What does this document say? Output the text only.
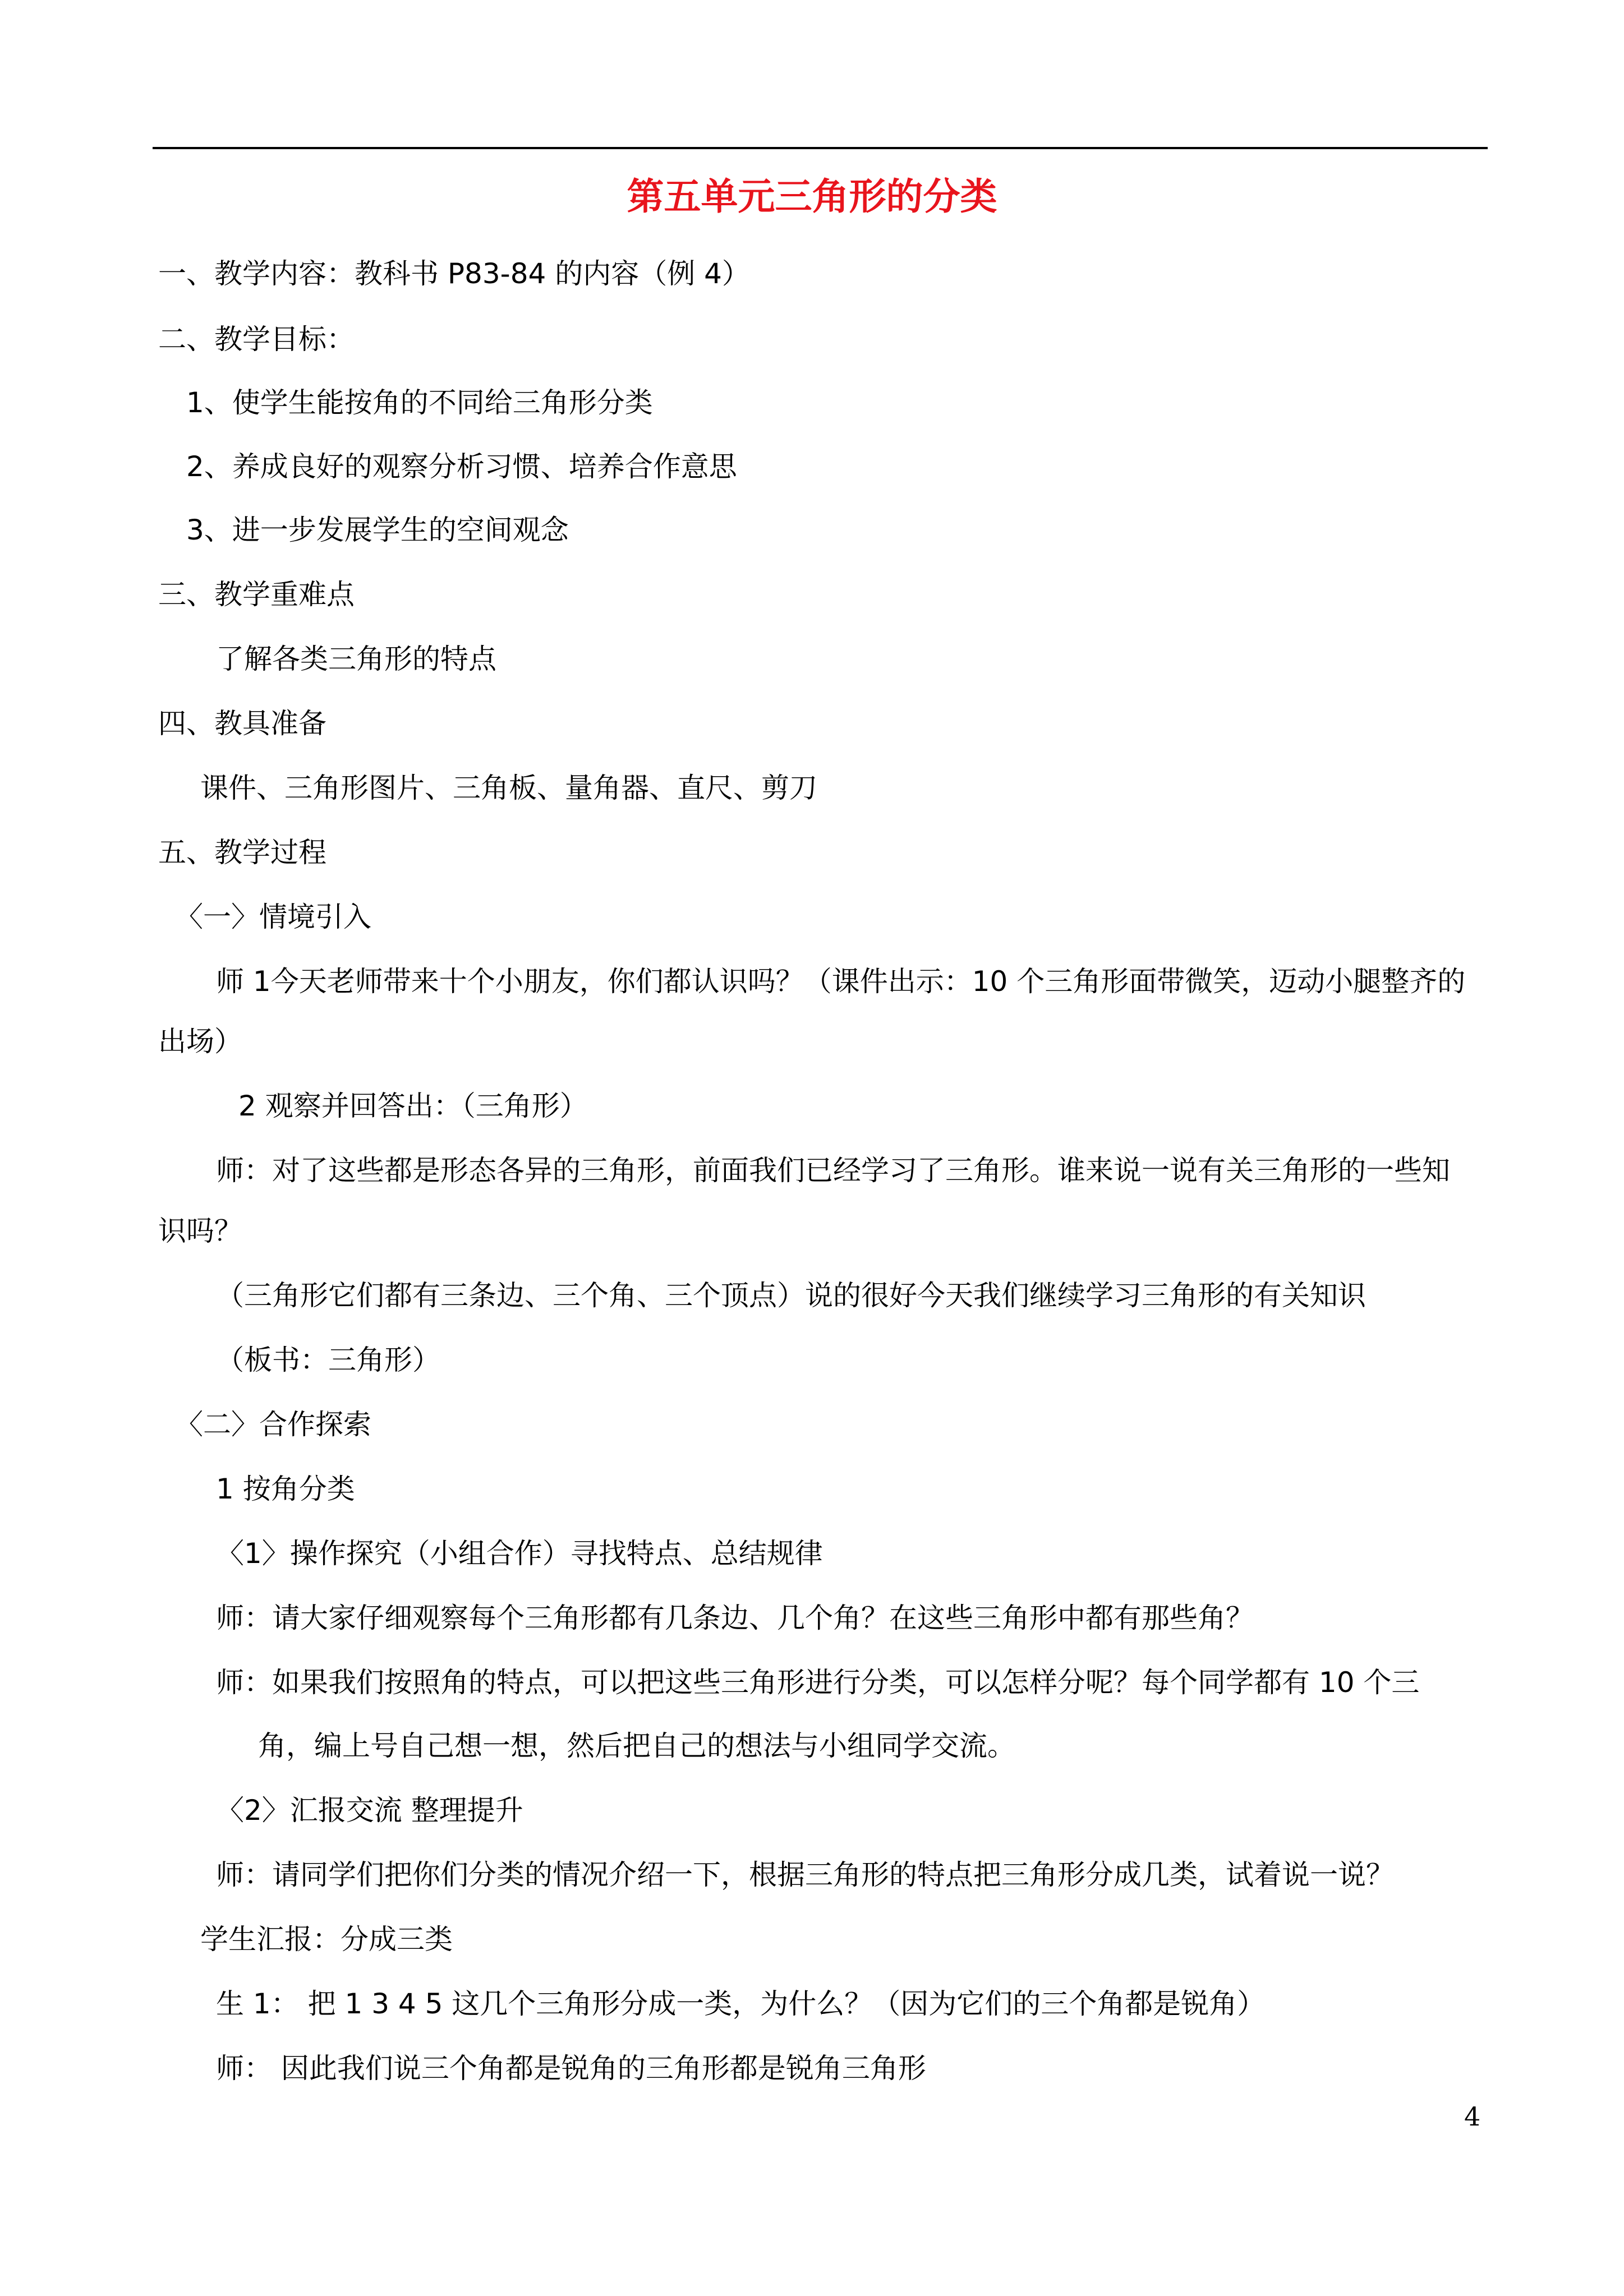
第五单元三角形的分类
一、教学内容：教科书 P83-84 的内容（例 4）
二、教学目标：
1、使学生能按角的不同给三角形分类
2、养成良好的观察分析习惯、培养合作意思
3、进一步发展学生的空间观念
三、教学重难点
了解各类三角形的特点
四、教具准备
课件、三角形图片、三角板、量角器、直尺、剪刀
五、教学过程
〈一〉情境引入
师 1今天老师带来十个小朋友，你们都认识吗？（课件出示：10 个三角形面带微笑，迈动小腿整齐的
出场）
2 观察并回答出：（三角形）
师：对了这些都是形态各异的三角形，前面我们已经学习了三角形。谁来说一说有关三角形的一些知
识吗？
（三角形它们都有三条边、三个角、三个顶点）说的很好今天我们继续学习三角形的有关知识
（板书：三角形）
〈二〉合作探索
1 按角分类
〈1〉操作探究（小组合作）寻找特点、总结规律
师：请大家仔细观察每个三角形都有几条边、几个角？在这些三角形中都有那些角？
师：如果我们按照角的特点，可以把这些三角形进行分类，可以怎样分呢？每个同学都有 10 个三
角，编上号自己想一想，然后把自己的想法与小组同学交流。
〈2〉汇报交流 整理提升
师：请同学们把你们分类的情况介绍一下，根据三角形的特点把三角形分成几类，试着说一说？
学生汇报：分成三类
生 1： 把 1 3 4 5 这几个三角形分成一类，为什么？（因为它们的三个角都是锐角）
师： 因此我们说三个角都是锐角的三角形都是锐角三角形
4
